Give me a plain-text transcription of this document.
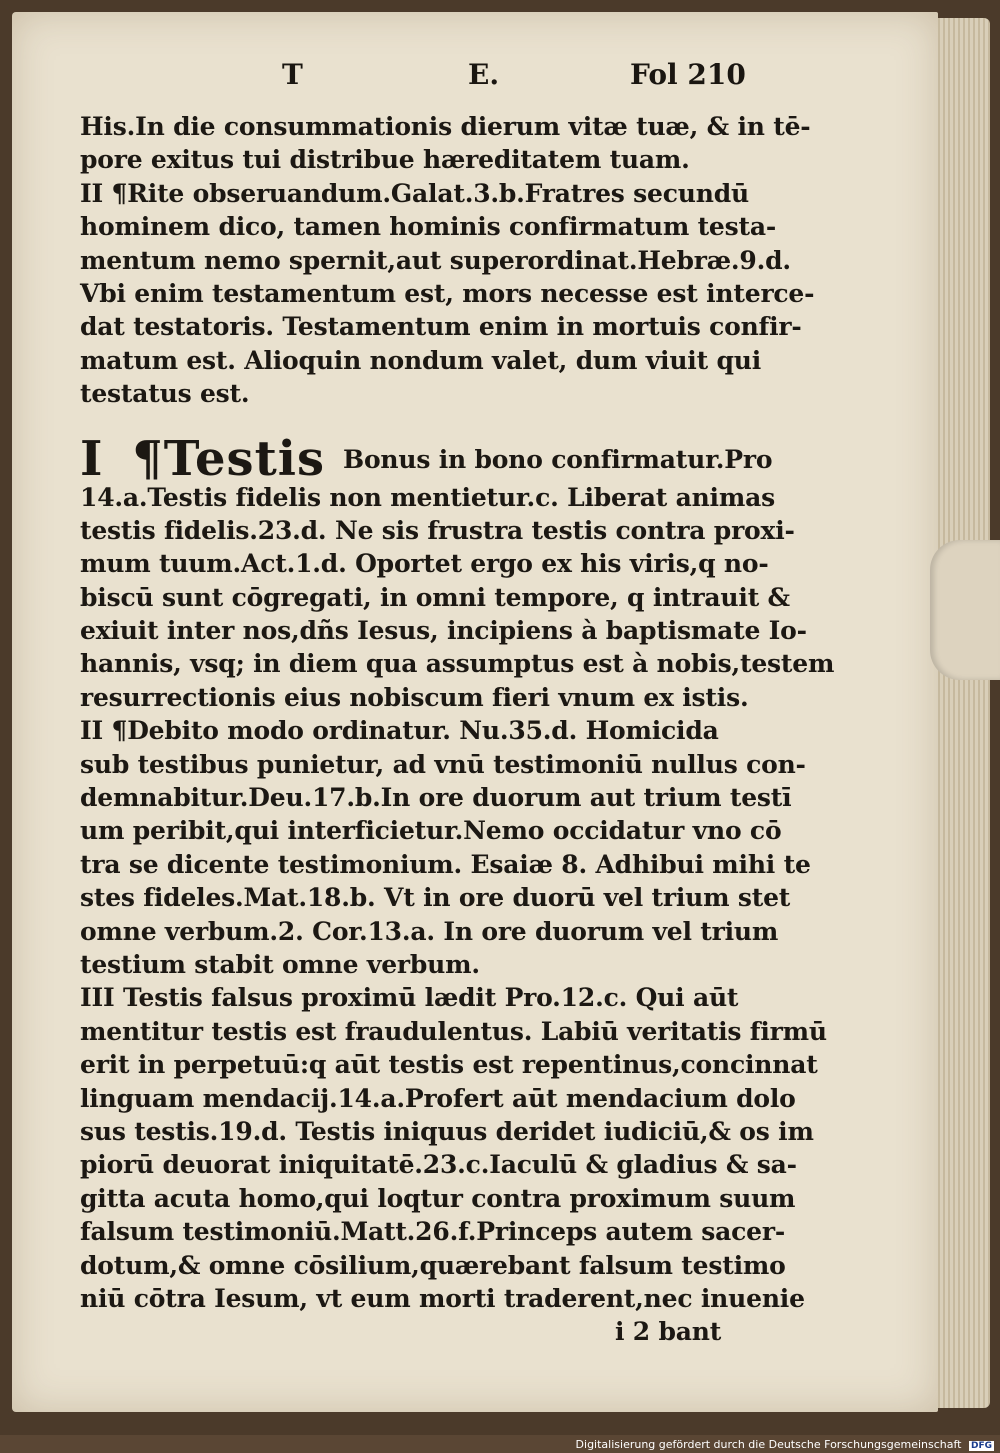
T	E.	Fol 210
His.In die consummationis dierum vitæ tuæ, & in tē-
pore exitus tui distribue hæreditatem tuam.
II ¶Rite obseruandum.Galat.3.b.Fratres secundū
hominem dico, tamen hominis confirmatum testa-
mentum nemo spernit,aut superordinat.Hebræ.9.d.
Vbi enim testamentum est, mors necesse est interce-
dat testatoris. Testamentum enim in mortuis confir-
matum est. Alioquin nondum valet, dum viuit qui
testatus est.
I ¶Testis Bonus in bono confirmatur.Pro
14.a.Testis fidelis non mentietur.c. Liberat animas
testis fidelis.23.d. Ne sis frustra testis contra proxi-
mum tuum.Act.1.d. Oportet ergo ex his viris,q no-
biscū sunt cōgregati, in omni tempore, q intrauit &
exiuit inter nos,dñs Iesus, incipiens à baptismate Io-
hannis, vsq; in diem qua assumptus est à nobis,testem
resurrectionis eius nobiscum fieri vnum ex istis.
II ¶Debito modo ordinatur. Nu.35.d. Homicida
sub testibus punietur, ad vnū testimoniū nullus con-
demnabitur.Deu.17.b.In ore duorum aut trium testī
um peribit,qui interficietur.Nemo occidatur vno cō
tra se dicente testimonium. Esaiæ 8. Adhibui mihi te
stes fideles.Mat.18.b. Vt in ore duorū vel trium stet
omne verbum.2. Cor.13.a. In ore duorum vel trium
testium stabit omne verbum.
III Testis falsus proximū lædit Pro.12.c. Qui aūt
mentitur testis est fraudulentus. Labiū veritatis firmū
erit in perpetuū:q aūt testis est repentinus,concinnat
linguam mendacij.14.a.Profert aūt mendacium dolo
sus testis.19.d. Testis iniquus deridet iudiciū,& os im
piorū deuorat iniquitatē.23.c.Iaculū & gladius & sa-
gitta acuta homo,qui loqtur contra proximum suum
falsum testimoniū.Matt.26.f.Princeps autem sacer-
dotum,& omne cōsilium,quærebant falsum testimo
niū cōtra Iesum, vt eum morti traderent,nec inuenie
i 2 bant
Digitalisierung gefördert durch die Deutsche Forschungsgemeinschaft DFG
